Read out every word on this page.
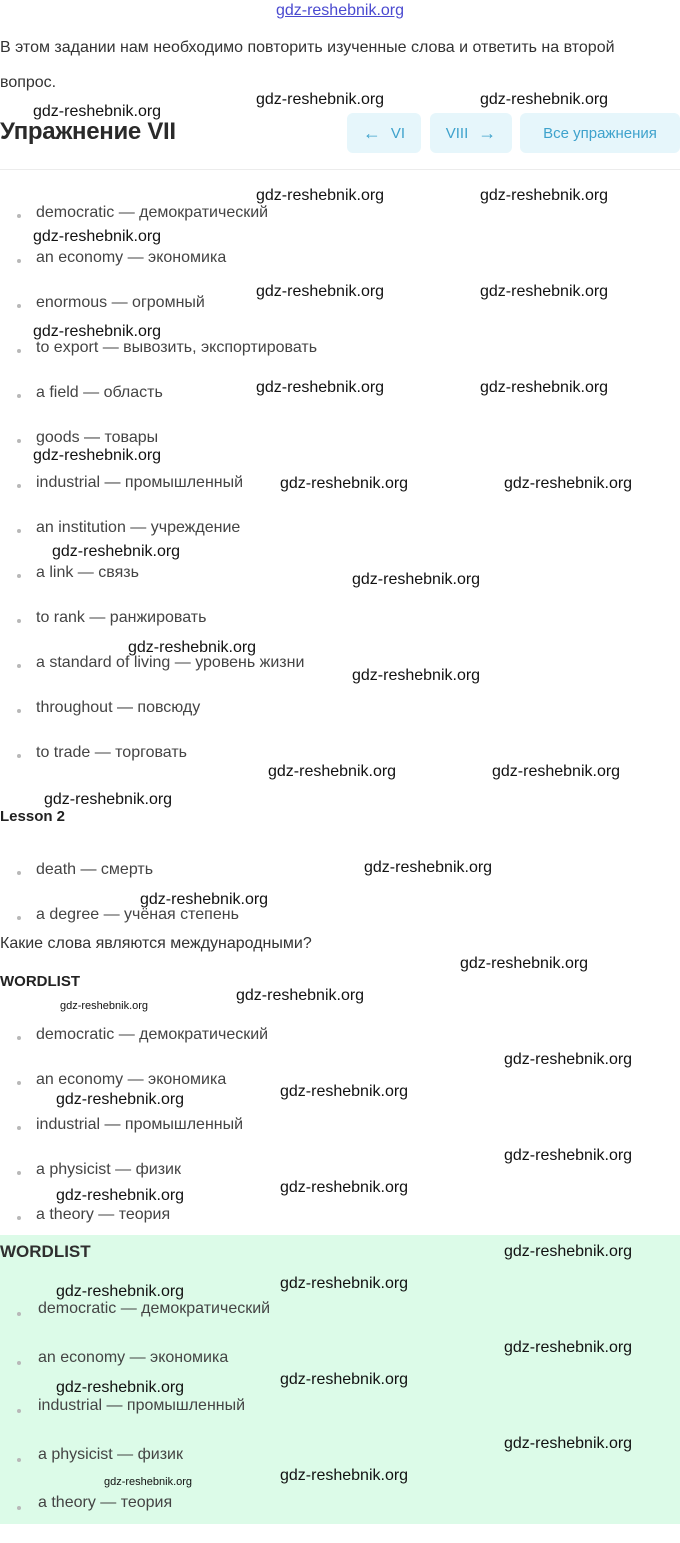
gdz-reshebnik.org
В этом задании нам необходимо повторить изученные слова и ответить на второй вопрос.
Упражнение VII	← VI	VIII →	Все упражнения
democratic — демократический
an economy — экономика
enormous — огромный
to export — вывозить, экспортировать
a field — область
goods — товары
industrial — промышленный
an institution — учреждение
a link — связь
to rank — ранжировать
a standard of living — уровень жизни
throughout — повсюду
to trade — торговать
Lesson 2
death — смерть
a degree — учёная степень
Какие слова являются международными?
WORDLIST
democratic — демократический
an economy — экономика
industrial — промышленный
a physicist — физик
a theory — теория
WORDLIST
democratic — демократический
an economy — экономика
industrial — промышленный
a physicist — физик
a theory — теория
gdz-reshebnik.org
gdz-reshebnik.org	gdz-reshebnik.org
gdz-reshebnik.org	gdz-reshebnik.org
gdz-reshebnik.org
gdz-reshebnik.org	gdz-reshebnik.org
gdz-reshebnik.org
gdz-reshebnik.org	gdz-reshebnik.org
gdz-reshebnik.org
gdz-reshebnik.org	gdz-reshebnik.org
gdz-reshebnik.org
gdz-reshebnik.org
gdz-reshebnik.org
gdz-reshebnik.org
gdz-reshebnik.org	gdz-reshebnik.org
gdz-reshebnik.org
gdz-reshebnik.org
gdz-reshebnik.org
gdz-reshebnik.org
gdz-reshebnik.org
gdz-reshebnik.org
gdz-reshebnik.org
gdz-reshebnik.org
gdz-reshebnik.org
gdz-reshebnik.org
gdz-reshebnik.org
gdz-reshebnik.org
gdz-reshebnik.org
gdz-reshebnik.org
gdz-reshebnik.org
gdz-reshebnik.org
gdz-reshebnik.org
gdz-reshebnik.org
gdz-reshebnik.org
gdz-reshebnik.org
gdz-reshebnik.org
